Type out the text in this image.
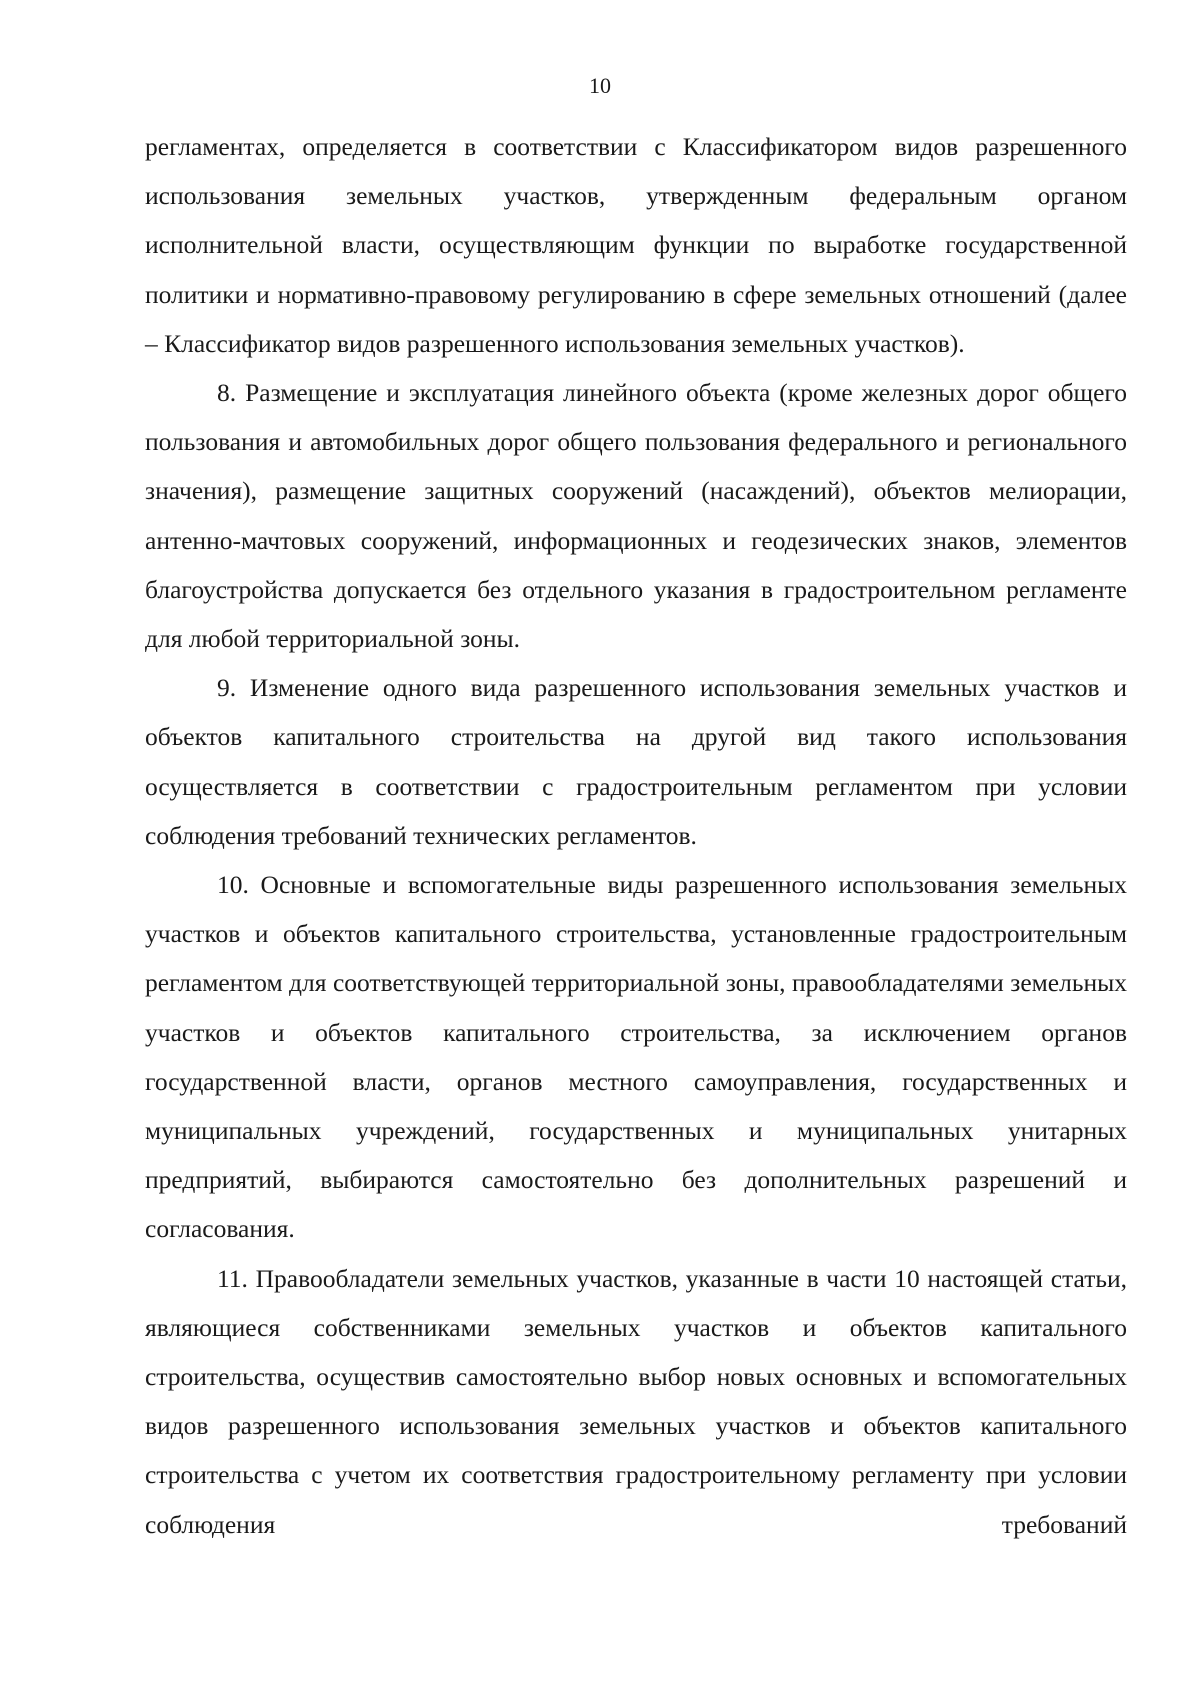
10

регламентах, определяется в соответствии с Классификатором видов разрешенного использования земельных участков, утвержденным федеральным органом исполнительной власти, осуществляющим функции по выработке государственной политики и нормативно-правовому регулированию в сфере земельных отношений (далее – Классификатор видов разрешенного использования земельных участков).

8. Размещение и эксплуатация линейного объекта (кроме железных дорог общего пользования и автомобильных дорог общего пользования федерального и регионального значения), размещение защитных сооружений (насаждений), объектов мелиорации, антенно-мачтовых сооружений, информационных и геодезических знаков, элементов благоустройства допускается без отдельного указания в градостроительном регламенте для любой территориальной зоны.

9. Изменение одного вида разрешенного использования земельных участков и объектов капитального строительства на другой вид такого использования осуществляется в соответствии с градостроительным регламентом при условии соблюдения требований технических регламентов.

10. Основные и вспомогательные виды разрешенного использования земельных участков и объектов капитального строительства, установленные градостроительным регламентом для соответствующей территориальной зоны, правообладателями земельных участков и объектов капитального строительства, за исключением органов государственной власти, органов местного самоуправления, государственных и муниципальных учреждений, государственных и муниципальных унитарных предприятий, выбираются самостоятельно без дополнительных разрешений и согласования.

11. Правообладатели земельных участков, указанные в части 10 настоящей статьи, являющиеся собственниками земельных участков и объектов капитального строительства, осуществив самостоятельно выбор новых основных и вспомогательных видов разрешенного использования земельных участков и объектов капитального строительства с учетом их соответствия градостроительному регламенту при условии соблюдения требований
